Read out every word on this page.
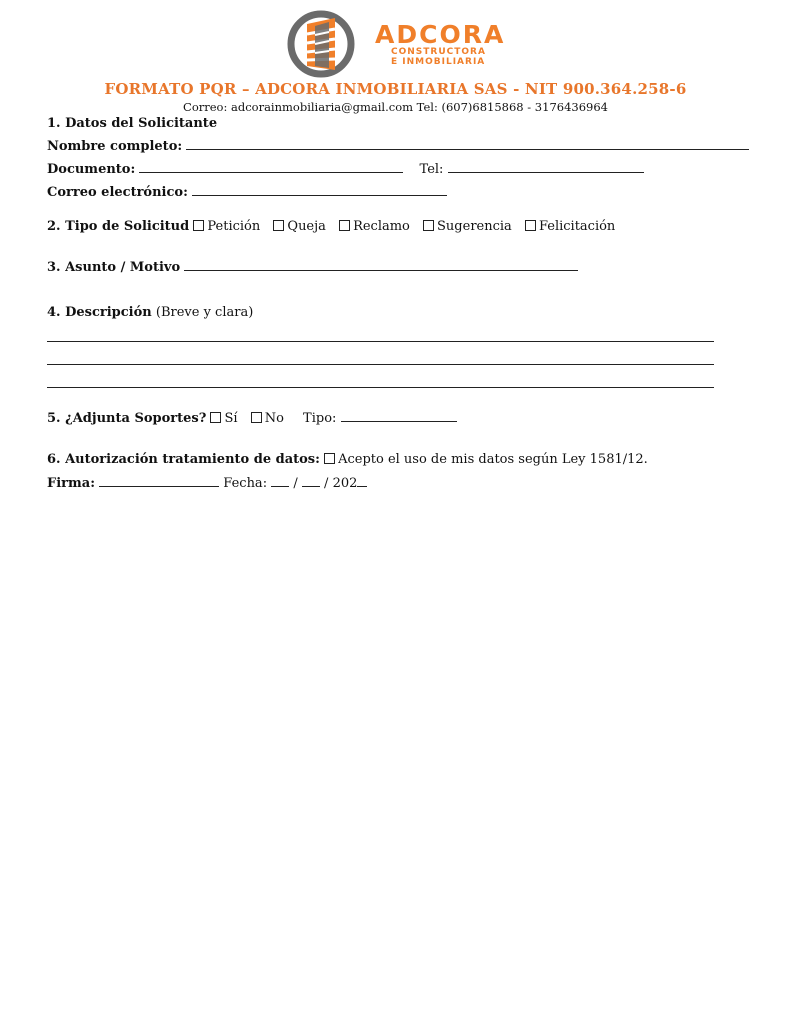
ADCORA
CONSTRUCTORA
E INMOBILIARIA
FORMATO PQR – ADCORA INMOBILIARIA SAS - NIT 900.364.258-6
Correo: adcorainmobiliaria@gmail.com Tel: (607)6815868 - 3176436964
1. Datos del Solicitante
Nombre completo:
Documento:	Tel:
Correo electrónico:
2. Tipo de Solicitud Petición Queja Reclamo Sugerencia Felicitación
3. Asunto / Motivo
4. Descripción (Breve y clara)
5. ¿Adjunta Soportes? Sí No Tipo:
6. Autorización tratamiento de datos: Acepto el uso de mis datos según Ley 1581/12.
Firma:	Fecha: / / 202
